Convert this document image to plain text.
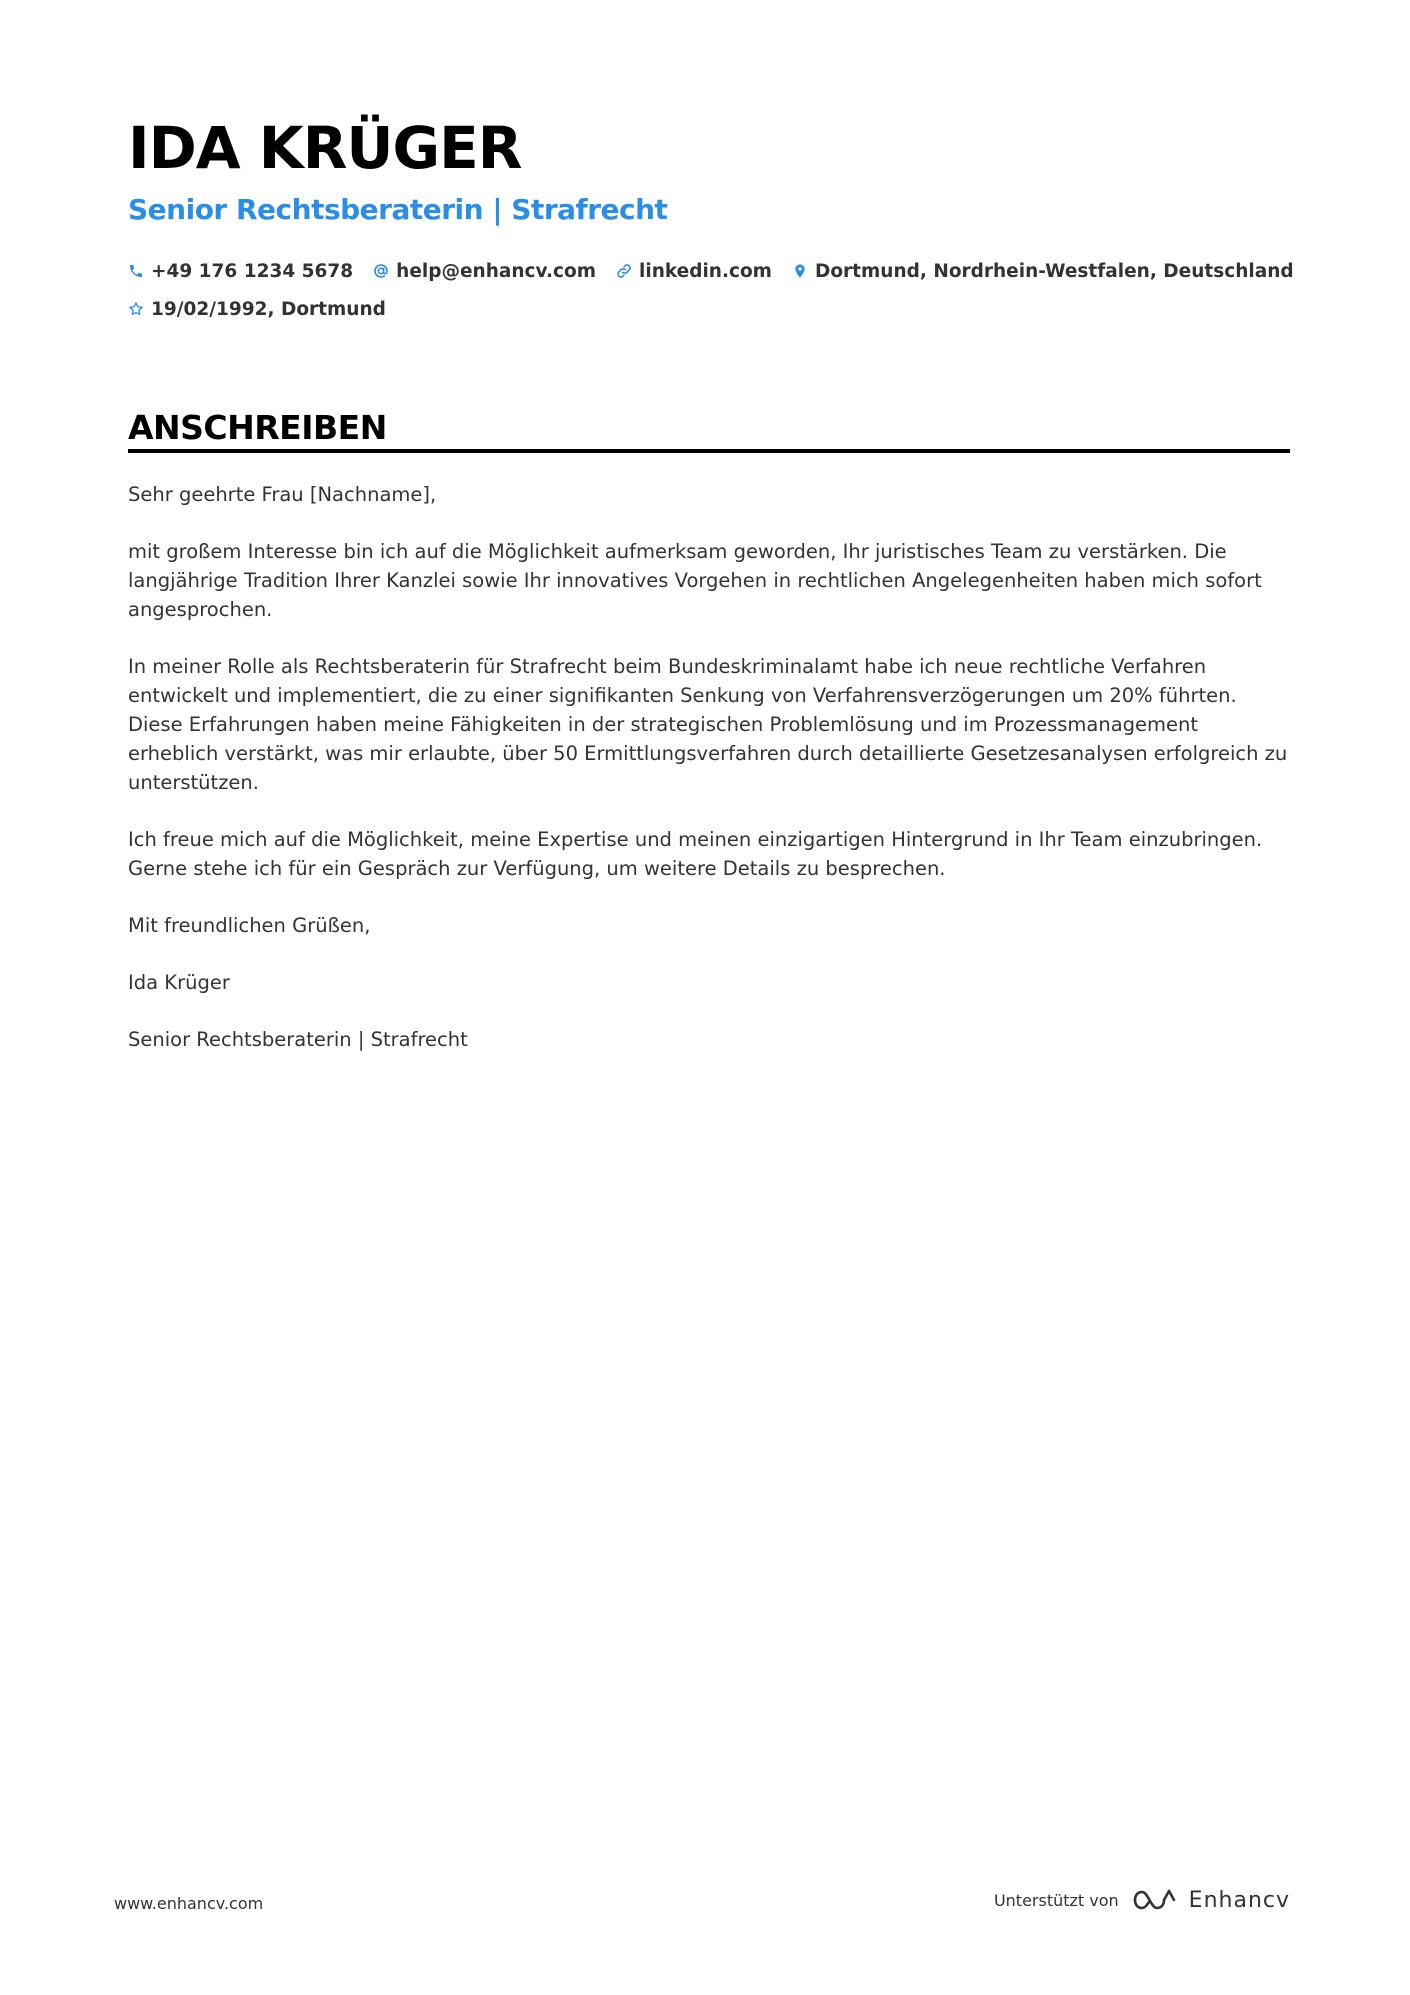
IDA KRÜGER
Senior Rechtsberaterin | Strafrecht
+49 176 1234 5678 help@enhancv.com linkedin.com Dortmund, Nordrhein-Westfalen, Deutschland
19/02/1992, Dortmund
ANSCHREIBEN

Sehr geehrte Frau [Nachname],

mit großem Interesse bin ich auf die Möglichkeit aufmerksam geworden, Ihr juristisches Team zu verstärken. Die langjährige Tradition Ihrer Kanzlei sowie Ihr innovatives Vorgehen in rechtlichen Angelegenheiten haben mich sofort angesprochen.

In meiner Rolle als Rechtsberaterin für Strafrecht beim Bundeskriminalamt habe ich neue rechtliche Verfahren entwickelt und implementiert, die zu einer signifikanten Senkung von Verfahrensverzögerungen um 20% führten. Diese Erfahrungen haben meine Fähigkeiten in der strategischen Problemlösung und im Prozessmanagement erheblich verstärkt, was mir erlaubte, über 50 Ermittlungsverfahren durch detaillierte Gesetzesanalysen erfolgreich zu unterstützen.

Ich freue mich auf die Möglichkeit, meine Expertise und meinen einzigartigen Hintergrund in Ihr Team einzubringen. Gerne stehe ich für ein Gespräch zur Verfügung, um weitere Details zu besprechen.

Mit freundlichen Grüßen,

Ida Krüger

Senior Rechtsberaterin | Strafrecht

www.enhancv.com	Unterstützt von	Enhancv
